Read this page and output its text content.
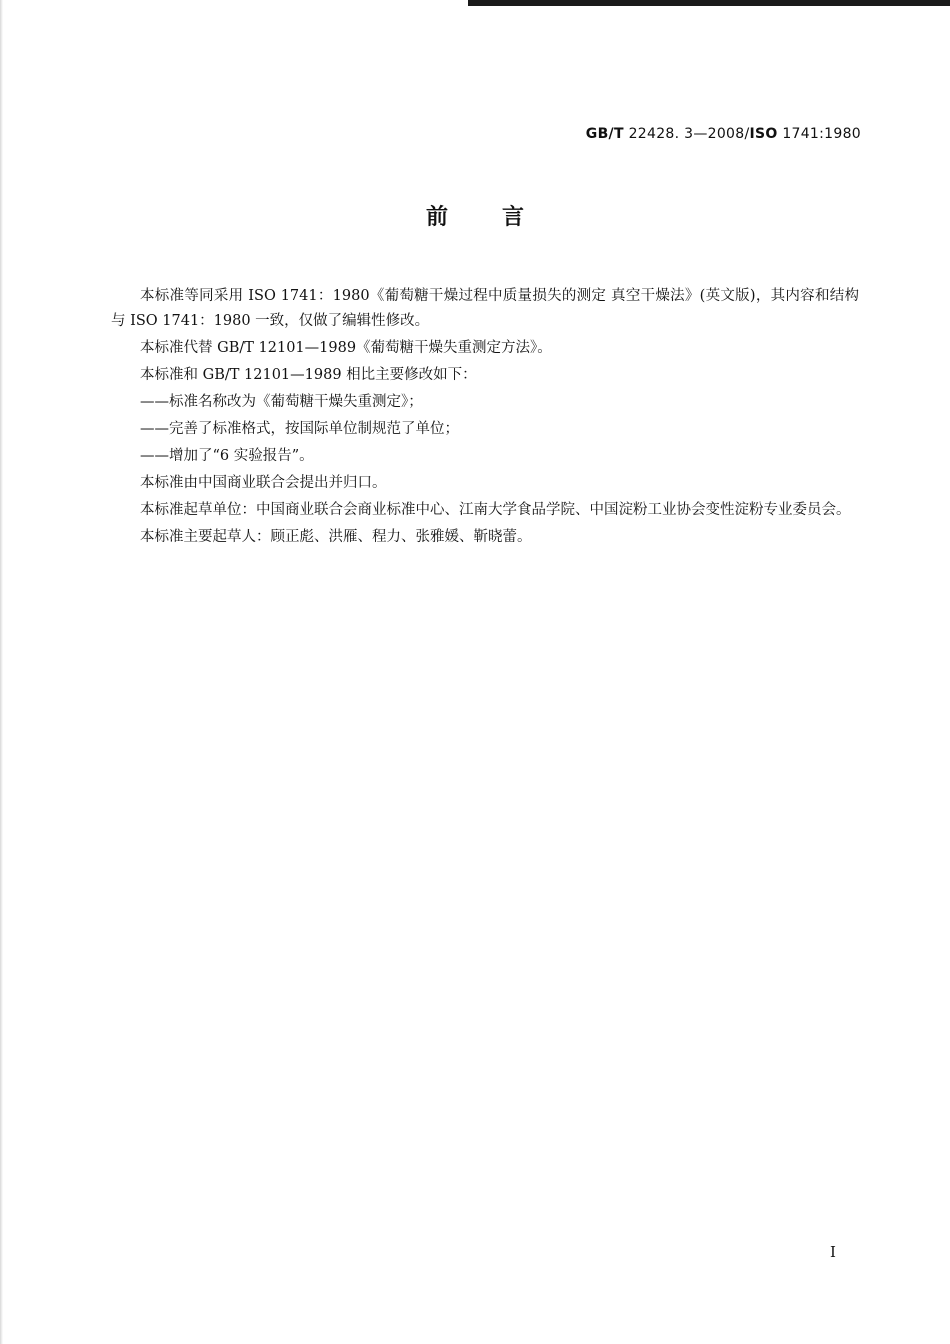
GB/T 22428. 3—2008/ISO 1741:1980
前言

本标准等同采用 ISO 1741：1980《葡萄糖干燥过程中质量损失的测定 真空干燥法》(英文版)，其内容和结构与 ISO 1741：1980 一致，仅做了编辑性修改。

本标准代替 GB/T 12101—1989《葡萄糖干燥失重测定方法》。

本标准和 GB/T 12101—1989 相比主要修改如下：

——标准名称改为《葡萄糖干燥失重测定》；

——完善了标准格式，按国际单位制规范了单位；

——增加了“6 实验报告”。

本标准由中国商业联合会提出并归口。

本标准起草单位：中国商业联合会商业标准中心、江南大学食品学院、中国淀粉工业协会变性淀粉专业委员会。

本标准主要起草人：顾正彪、洪雁、程力、张雅媛、靳晓蕾。

I
